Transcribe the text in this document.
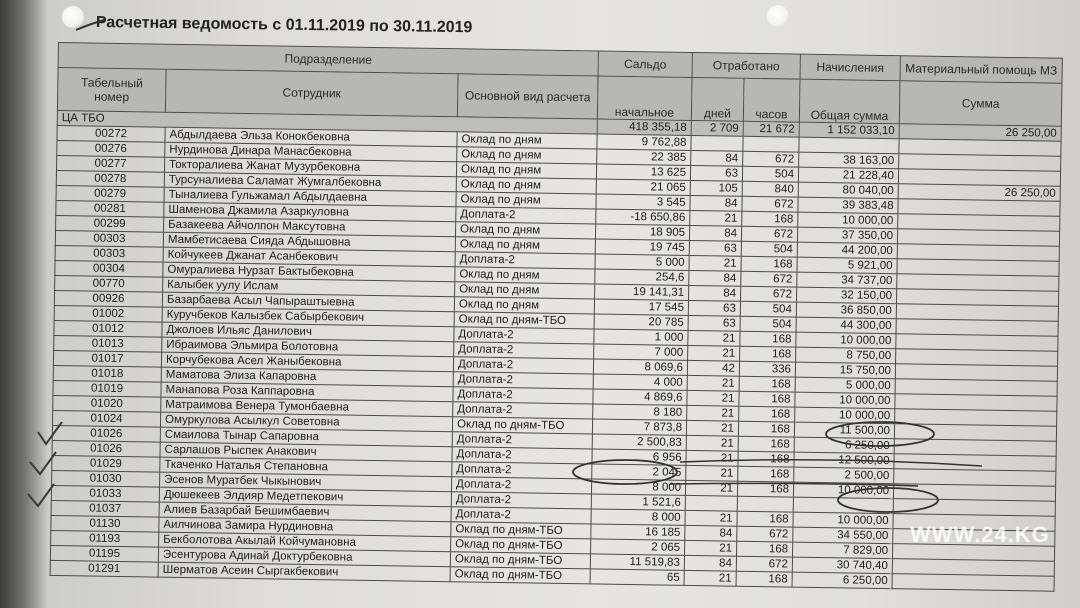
Расчетная ведомость с 01.11.2019 по 30.11.2019
Подразделение			Сальдо	Отработано		Начисления	Материальный помощь МЗ
Табельный номер	Сотрудник	Основной вид расчета	начальное	дней	часов	Общая сумма	Сумма
ЦА ТБО			418 355,18	2 709	21 672	1 152 033,10	26 250,00
00272	Абдылдаева Эльза Конокбековна	Оклад по дням	9 762,88				
00276	Нурдинова Динара Манасбековна	Оклад по дням	22 385	84	672	38 163,00	
00277	Токторалиева Жанат Музурбековна	Оклад по дням	13 625	63	504	21 228,40	
00278	Турсуналиева Саламат Жумгалбековна	Оклад по дням	21 065	105	840	80 040,00	26 250,00
00279	Тыналиева Гульжамал Абдылдаевна	Оклад по дням	3 545	84	672	39 383,48	
00281	Шаменова Джамила Азаркуловна	Доплата-2	-18 650,86	21	168	10 000,00	
00299	Базакеева Айчолпон Максутовна	Оклад по дням	18 905	84	672	37 350,00	
00303	Мамбетисаева Сияда Абдышовна	Оклад по дням	19 745	63	504	44 200,00	
00303	Койчукеев Джанат Асанбекович	Доплата-2	5 000	21	168	5 921,00	
00304	Омуралиева Нурзат Бактыбековна	Оклад по дням	254,6	84	672	34 737,00	
00770	Калыбек уулу Ислам	Оклад по дням	19 141,31	84	672	32 150,00	
00926	Базарбаева Асыл Чапыраштыевна	Оклад по дням	17 545	63	504	36 850,00	
01002	Куручбеков Калызбек Сабырбекович	Оклад по дням-ТБО	20 785	63	504	44 300,00	
01012	Джолоев Ильяс Данилович	Доплата-2	1 000	21	168	10 000,00	
01013	Ибраимова Эльмира Болотовна	Доплата-2	7 000	21	168	8 750,00	
01017	Корчубекова Асел Жаныбековна	Доплата-2	8 069,6	42	336	15 750,00	
01018	Маматова Элиза Капаровна	Доплата-2	4 000	21	168	5 000,00	
01019	Манапова Роза Каппаровна	Доплата-2	4 869,6	21	168	10 000,00	
01020	Матраимова Венера Тумонбаевна	Доплата-2	8 180	21	168	10 000,00	
01024	Омуркулова Асылкул Советовна	Оклад по дням-ТБО	7 873,8	21	168	11 500,00	
01026	Смаилова Тынар Сапаровна	Доплата-2	2 500,83	21	168	6 250,00	
01026	Сарлашов Рыспек Анакович	Доплата-2	6 956	21	168	12 500,00	
01029	Ткаченко Наталья Степановна	Доплата-2	2 045	21	168	2 500,00	
01030	Эсенов Муратбек Чыкынович	Доплата-2	8 000	21	168	10 000,00	
01033	Дюшекеев Элдияр Медетпекович	Доплата-2	1 521,6				
01037	Алиев Базарбай Бешимбаевич	Доплата-2	8 000	21	168	10 000,00	
01130	Аилчинова Замира Нурдиновна	Оклад по дням-ТБО	16 185	84	672	34 550,00	
01193	Бекболотова Акылай Койчумановна	Оклад по дням-ТБО	2 065	21	168	7 829,00	
01195	Эсентурова Адинай Доктурбековна	Оклад по дням-ТБО	11 519,83	84	672	30 740,40	
01291	Шерматов Асеин Сыргакбекович	Оклад по дням-ТБО	65	21	168	6 250,00	
WWW.24.KG
